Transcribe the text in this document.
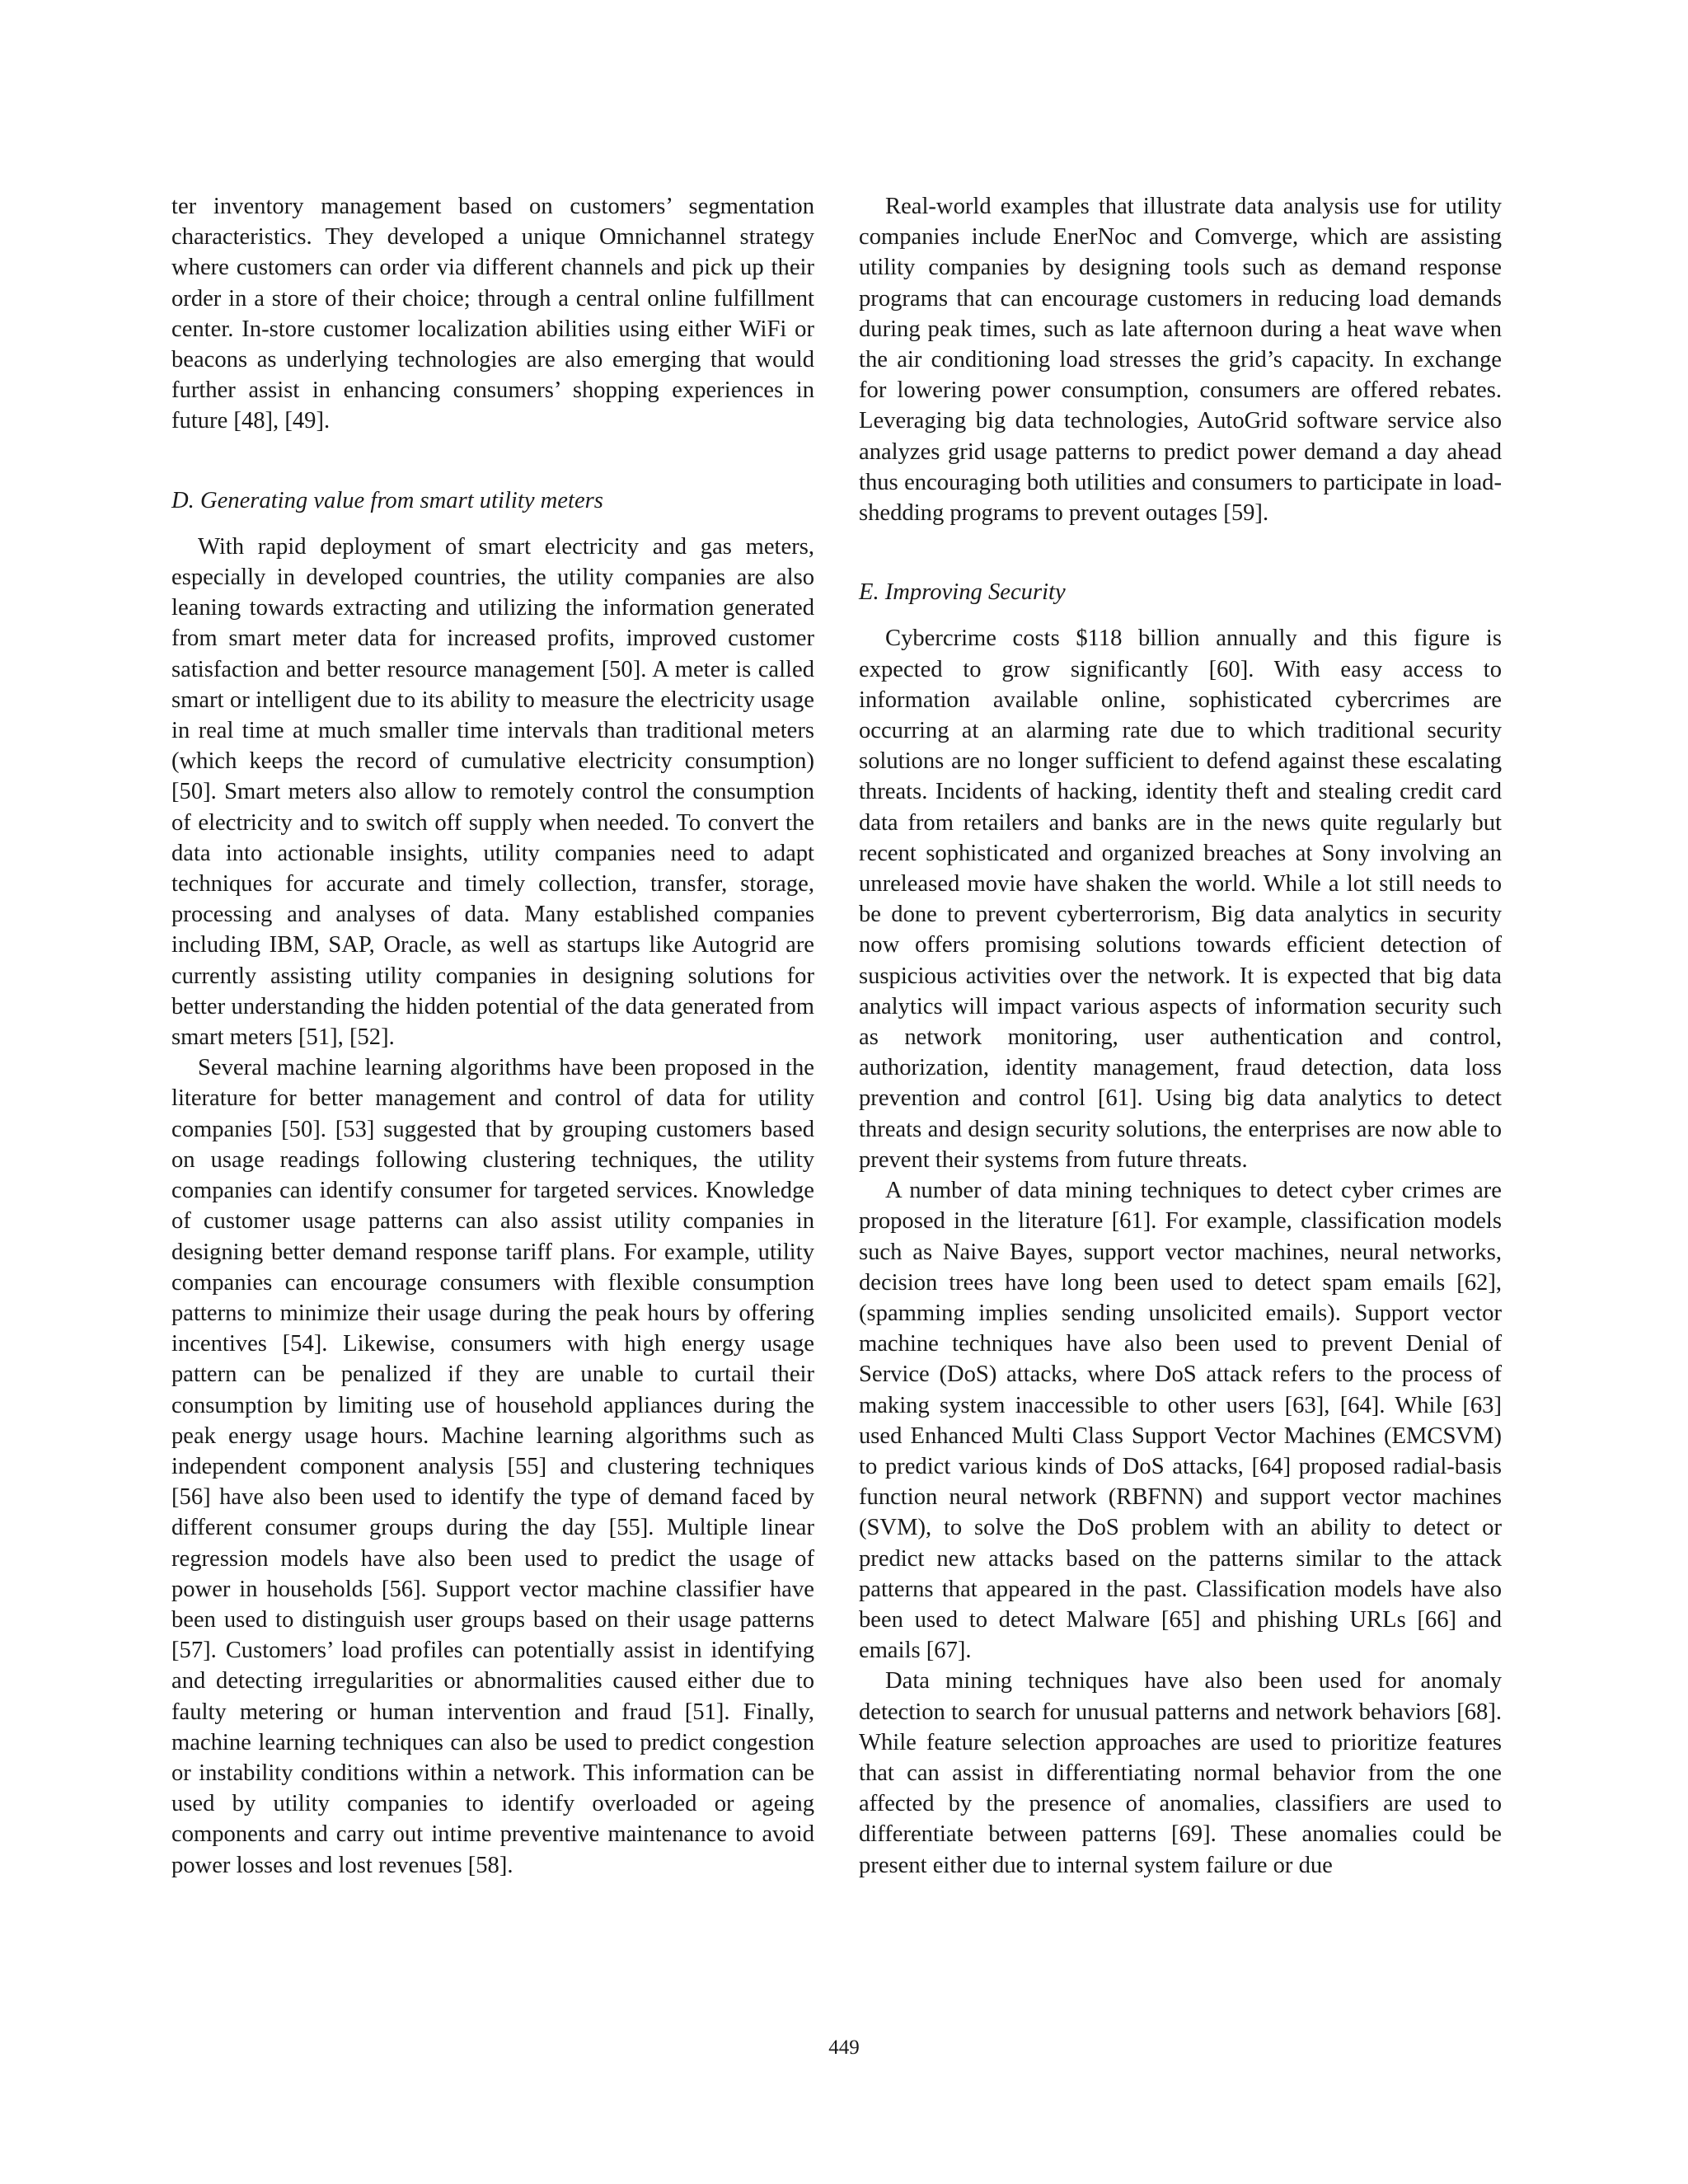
ter inventory management based on customers’ segmentation characteristics. They developed a unique Omnichannel strategy where customers can order via different channels and pick up their order in a store of their choice; through a central online fulfillment center. In-store customer localization abilities using either WiFi or beacons as underlying technologies are also emerging that would further assist in enhancing consumers’ shopping experiences in future [48], [49].

D. Generating value from smart utility meters

With rapid deployment of smart electricity and gas meters, especially in developed countries, the utility companies are also leaning towards extracting and utilizing the information generated from smart meter data for increased profits, improved customer satisfaction and better resource management [50]. A meter is called smart or intelligent due to its ability to measure the electricity usage in real time at much smaller time intervals than traditional meters (which keeps the record of cumulative electricity consumption) [50]. Smart meters also allow to remotely control the consumption of electricity and to switch off supply when needed. To convert the data into actionable insights, utility companies need to adapt techniques for accurate and timely collection, transfer, storage, processing and analyses of data. Many established companies including IBM, SAP, Oracle, as well as startups like Autogrid are currently assisting utility companies in designing solutions for better understanding the hidden potential of the data generated from smart meters [51], [52].

Several machine learning algorithms have been proposed in the literature for better management and control of data for utility companies [50]. [53] suggested that by grouping customers based on usage readings following clustering techniques, the utility companies can identify consumer for targeted services. Knowledge of customer usage patterns can also assist utility companies in designing better demand response tariff plans. For example, utility companies can encourage consumers with flexible consumption patterns to minimize their usage during the peak hours by offering incentives [54]. Likewise, consumers with high energy usage pattern can be penalized if they are unable to curtail their consumption by limiting use of household appliances during the peak energy usage hours. Machine learning algorithms such as independent component analysis [55] and clustering techniques [56] have also been used to identify the type of demand faced by different consumer groups during the day [55]. Multiple linear regression models have also been used to predict the usage of power in households [56]. Support vector machine classifier have been used to distinguish user groups based on their usage patterns [57]. Customers’ load profiles can potentially assist in identifying and detecting irregularities or abnormalities caused either due to faulty metering or human intervention and fraud [51]. Finally, machine learning techniques can also be used to predict congestion or instability conditions within a network. This information can be used by utility companies to identify overloaded or ageing components and carry out intime preventive maintenance to avoid power losses and lost revenues [58].

Real-world examples that illustrate data analysis use for utility companies include EnerNoc and Comverge, which are assisting utility companies by designing tools such as demand response programs that can encourage customers in reducing load demands during peak times, such as late afternoon during a heat wave when the air conditioning load stresses the grid’s capacity. In exchange for lowering power consumption, consumers are offered rebates. Leveraging big data technologies, AutoGrid software service also analyzes grid usage patterns to predict power demand a day ahead thus encouraging both utilities and consumers to participate in load-shedding programs to prevent outages [59].

E. Improving Security

Cybercrime costs $118 billion annually and this figure is expected to grow significantly [60]. With easy access to information available online, sophisticated cybercrimes are occurring at an alarming rate due to which traditional security solutions are no longer sufficient to defend against these escalating threats. Incidents of hacking, identity theft and stealing credit card data from retailers and banks are in the news quite regularly but recent sophisticated and organized breaches at Sony involving an unreleased movie have shaken the world. While a lot still needs to be done to prevent cyberterrorism, Big data analytics in security now offers promising solutions towards efficient detection of suspicious activities over the network. It is expected that big data analytics will impact various aspects of information security such as network monitoring, user authentication and control, authorization, identity management, fraud detection, data loss prevention and control [61]. Using big data analytics to detect threats and design security solutions, the enterprises are now able to prevent their systems from future threats.

A number of data mining techniques to detect cyber crimes are proposed in the literature [61]. For example, classification models such as Naive Bayes, support vector machines, neural networks, decision trees have long been used to detect spam emails [62], (spamming implies sending unsolicited emails). Support vector machine techniques have also been used to prevent Denial of Service (DoS) attacks, where DoS attack refers to the process of making system inaccessible to other users [63], [64]. While [63] used Enhanced Multi Class Support Vector Machines (EMCSVM) to predict various kinds of DoS attacks, [64] proposed radial-basis function neural network (RBFNN) and support vector machines (SVM), to solve the DoS problem with an ability to detect or predict new attacks based on the patterns similar to the attack patterns that appeared in the past. Classification models have also been used to detect Malware [65] and phishing URLs [66] and emails [67].

Data mining techniques have also been used for anomaly detection to search for unusual patterns and network behaviors [68]. While feature selection approaches are used to prioritize features that can assist in differentiating normal behavior from the one affected by the presence of anomalies, classifiers are used to differentiate between patterns [69]. These anomalies could be present either due to internal system failure or due

449
